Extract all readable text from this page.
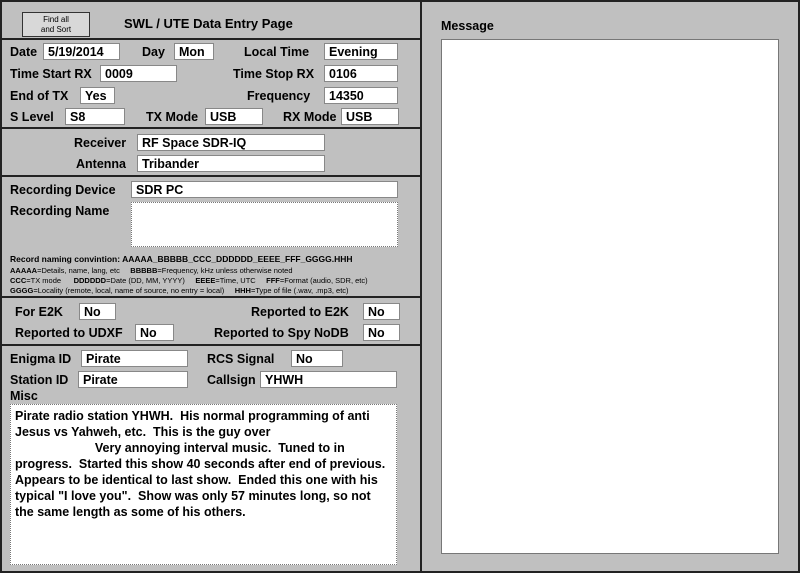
Find all
and Sort	SWL / UTE Data Entry Page
Date 5/19/2014	Day	Mon	Local Time	Evening
Time Start RX	0009	Time Stop RX	0106
End of TX	Yes	Frequency	14350
S Level	S8	TX Mode USB	RX Mode USB
Receiver	RF Space SDR-IQ
Antenna	Tribander
Recording Device	SDR PC
Recording Name
Record naming convintion: AAAAA_BBBBB_CCC_DDDDDD_EEEE_FFF_GGGG.HHH
AAAAA=Details, name, lang, etc BBBBB=Frequency, kHz unless otherwise noted
CCC=TX mode DDDDDD=Date (DD, MM, YYYY) EEEE=Time, UTC FFF=Format (audio, SDR, etc)
GGGG=Locality (remote, local, name of source, no entry = local) HHH=Type of file (.wav, .mp3, etc)
For E2K	No	Reported to E2K	No
Reported to UDXF	No	Reported to Spy NoDB	No
Enigma ID	Pirate	RCS Signal	No
Station ID	Pirate	Callsign YHWH
Misc
Pirate radio station YHWH.  His normal programming of anti
Jesus vs Yahweh, etc.  This is the guy over
Very annoying interval music.  Tuned to in
progress.  Started this show 40 seconds after end of previous.
Appears to be identical to last show.  Ended this one with his
typical "I love you".  Show was only 57 minutes long, so not
the same length as some of his others.
Message
